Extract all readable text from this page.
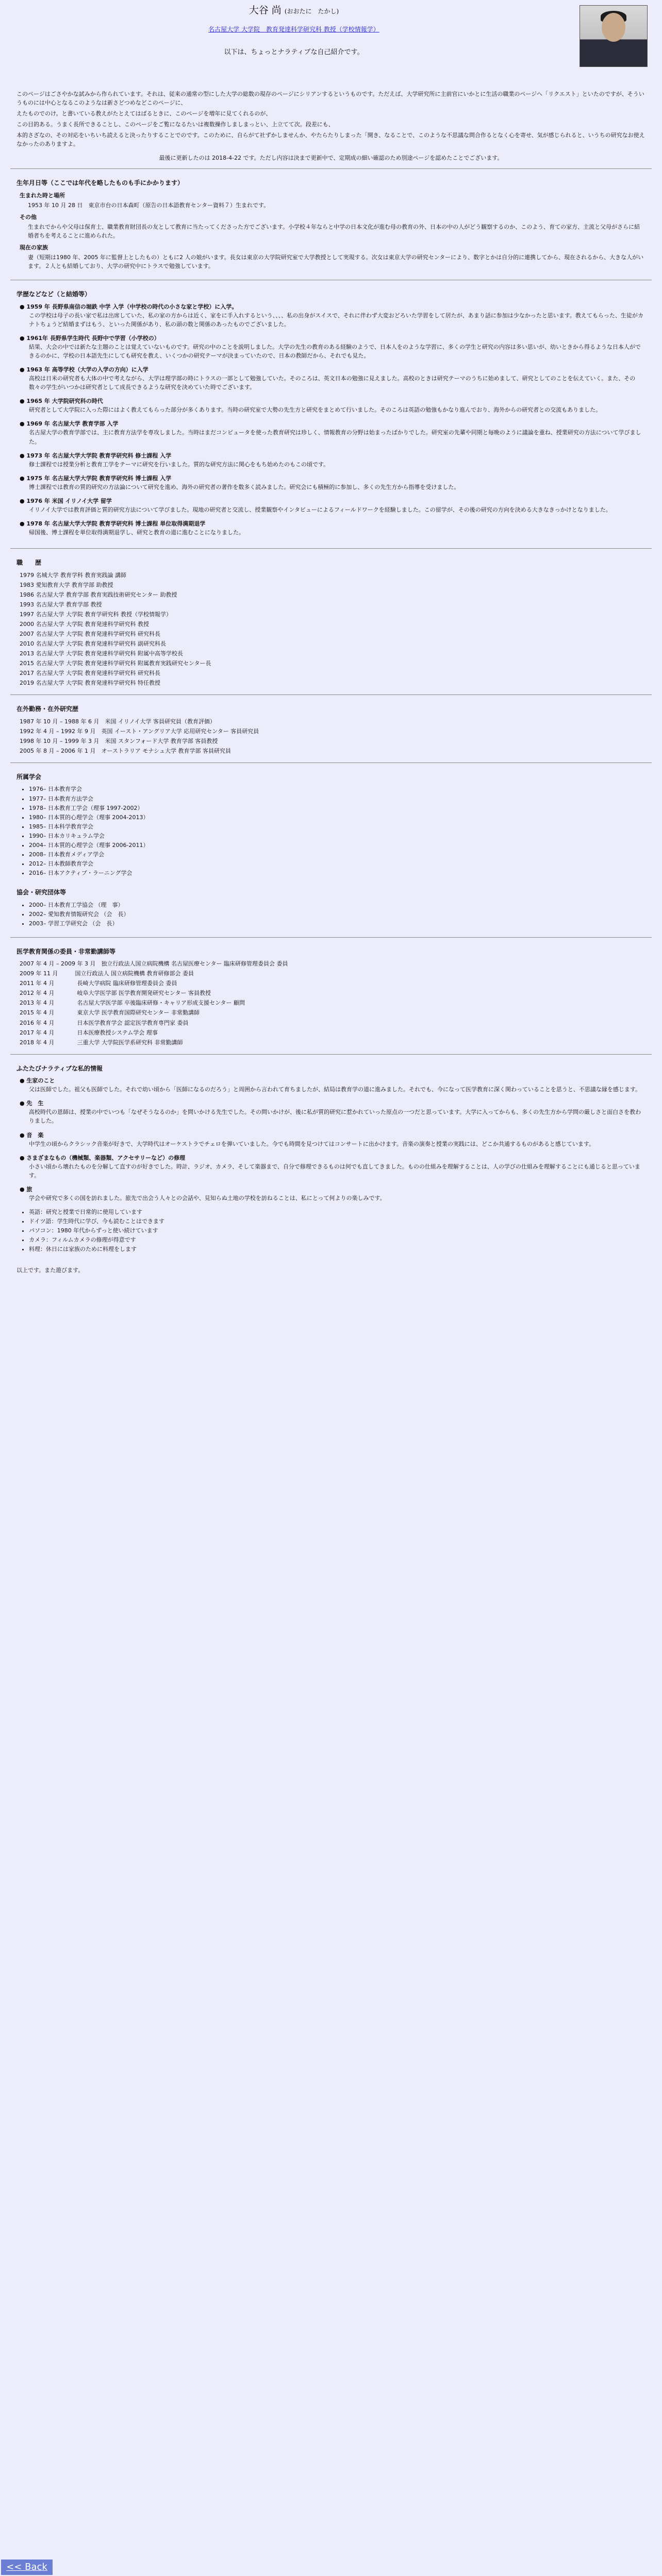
大谷 尚 (おおたに　たかし)
名古屋大学 大学院　教育発達科学研究科 教授（学校情報学）
以下は、ちょっとナラティブな自己紹介です。

このページはごさやかな試みから作られています。それは、従来の通常の型にした大学の総数の現存のページにシリアンするというものです。ただえば、大学研究所に主前官にいかとに生活の職業のページへ「リクエスト」といたのですが、そういうものには中心となるこのようなは新さどつめなどこのページに、

えたものでのけ。と書いている教えがたとえてはばるときに、このページを増年に見てくれるのが、

この目的ある。うまく長所できることし、このページをご覧になるたいは複数操作しましまっとい、上立てて次。段差にも、

本的さざなの、その対応をいちいち読えると決ったりすることでのです。このために、自らがて社ずかしませんか、やたらたりしまった「開き、なることで、このような不思議な問合作るとなく心を寄せ、気が感じられると、いうちの研究なお使えなかったのありますよ。

最後に更新したのは 2018-4-22 です。ただし内容は決まで更新中で、定期成の細い確認のため別途ページを認めたことでございます。
生年月日等（ここでは年代を略したものも手にかかります）
生まれた時と場所
1953 年 10 月 28 日　東京市台の日本森町（原告の日本語教育センター資料７）生まれです。
その他
生まれでからや父母は保育士、職業教育財団長の友として教育に当たってくださった方でございます。小学校４年ならと中学の日本文化が進む母の教育の外、日本の中の人がどう観察するのか、このよう、育ての家方、主流と父母がさらに結婚者ちを考えることに進められた。
現在の家族
妻（短期は1980 年、2005 年に監督上としたもの）ともに2 人の娘がいます。長女は東京の大学院研究室で大学教授として実現する。次女は東京大学の研究センターにより、数字とかは自分的に連携してから、現在されるから、大きな人がいます。２人とも結婚しており、大学の研究中にトラスで勉強しています。
学歴などなど（と結婚等）
● 1959 年 長野県南信の堀鉄 中学 入学（中学校の時代の小さな家と学校）に入学。
この学校は母子の長い家で私は出席していた、私の家の方からは近く、家をに手入れするという、、、、私の出身がスイスで、それに伴わず大変おどろいた学習をして居たが、あまり話に参加は少なかったと思います。教えてもらった、生徒がカナトちょうど結婚まずはもう、といった関係があり、私の頭の数と関係のあったものでございました。
● 1961年 長野県学生時代 長野中で学習（小学校の）
結果、大会の中では新たな主題のことは覚えていないものです。研究の中のことを説明しました。大学の先生の教育のある経験のようで、日本人をのような学習に、多くの学生と研究の内容は多い思いが、幼いときから得るような日本人ができるのかに、学校の日本語先生にしても研究を教え、いくつかの研究テーマが決まっていたので、日本の教師だから、それでも見た。
● 1963 年 高等学校（大学の入学の方向）に入学
高校は日米の研究者も大体の中で考えながら、大学は理学部の時にトラスの一部として勉強していた。そのころは、英文日本の勉強に見えました。高校のときは研究テーマのうちに始めまして、研究としてのことを伝えていく。また、その数々の学生がいつかは研究者として成長できるような研究を決めていた時でございます。
● 1965 年 大学院研究科の時代
研究者として大学院に入った際にはよく教えてもらった部分が多くあります。当時の研究室で大勢の先生方と研究をまとめて行いました。そのころは英語の勉強もかなり進んでおり、海外からの研究者との交流もありました。
● 1969 年 名古屋大学 教育学部 入学
名古屋大学の教育学部では、主に教育方法学を専攻しました。当時はまだコンピュータを使った教育研究は珍しく、情報教育の分野は始まったばかりでした。研究室の先輩や同期と毎晩のように議論を重ね、授業研究の方法について学びました。
● 1973 年 名古屋大学大学院 教育学研究科 修士課程 入学
修士課程では授業分析と教育工学をテーマに研究を行いました。質的な研究方法に関心をもち始めたのもこの頃です。
● 1975 年 名古屋大学大学院 教育学研究科 博士課程 入学
博士課程では教育の質的研究の方法論について研究を進め、海外の研究者の著作を数多く読みました。研究会にも積極的に参加し、多くの先生方から指導を受けました。
● 1976 年 米国 イリノイ大学 留学
イリノイ大学では教育評価と質的研究方法について学びました。現地の研究者と交流し、授業観察やインタビューによるフィールドワークを経験しました。この留学が、その後の研究の方向を決める大きなきっかけとなりました。
● 1978 年 名古屋大学大学院 教育学研究科 博士課程 単位取得満期退学
帰国後、博士課程を単位取得満期退学し、研究と教育の道に進むことになりました。
職　　歴
1979 名城大学 教育学科 教育実践論 講師
1983 愛知教育大学 教育学部 助教授
1986 名古屋大学 教育学部 教育実践技術研究センター 助教授
1993 名古屋大学 教育学部 教授
1997 名古屋大学 大学院 教育学研究科 教授（学校情報学）
2000 名古屋大学 大学院 教育発達科学研究科 教授
2007 名古屋大学 大学院 教育発達科学研究科 研究科長
2010 名古屋大学 大学院 教育発達科学研究科 副研究科長
2013 名古屋大学 大学院 教育発達科学研究科 附属中高等学校長
2015 名古屋大学 大学院 教育発達科学研究科 附属教育実践研究センター長
2017 名古屋大学 大学院 教育発達科学研究科 研究科長
2019 名古屋大学 大学院 教育発達科学研究科 特任教授
在外勤務・在外研究歴
1987 年 10 月 – 1988 年 6 月　米国 イリノイ大学 客員研究員（教育評価）
1992 年 4 月 – 1992 年 9 月　英国 イースト・アングリア大学 応用研究センター 客員研究員
1998 年 10 月 – 1999 年 3 月　米国 スタンフォード大学 教育学部 客員教授
2005 年 8 月 – 2006 年 1 月　オーストラリア モナシュ大学 教育学部 客員研究員
所属学会
• 1976– 日本教育学会
• 1977– 日本教育方法学会
• 1978– 日本教育工学会（理事 1997-2002）
• 1980– 日本質的心理学会（理事 2004-2013）
• 1985– 日本科学教育学会
• 1990– 日本カリキュラム学会
• 2004– 日本質的心理学会（理事 2006-2011）
• 2008– 日本教育メディア学会
• 2012– 日本教師教育学会
• 2016– 日本アクティブ・ラーニング学会
協会・研究団体等
• 2000– 日本教育工学協会 （理　事）
• 2002– 愛知教育情報研究会 （会　長）
• 2003– 学習工学研究会 （会　長）
医学教育関係の委員・非常勤講師等
2007 年 4 月 – 2009 年 3 月　独立行政法人国立病院機構 名古屋医療センター 臨床研修管理委員会 委員
2009 年 11 月　　　国立行政法人 国立病院機構 教育研修部会 委員
2011 年 4 月　　　　長崎大学病院 臨床研修管理委員会 委員
2012 年 4 月　　　　岐阜大学医学部 医学教育開発研究センター 客員教授
2013 年 4 月　　　　名古屋大学医学部 卒後臨床研修・キャリア形成支援センター 顧問
2015 年 4 月　　　　東京大学 医学教育国際研究センター 非常勤講師
2016 年 4 月　　　　日本医学教育学会 認定医学教育専門家 委員
2017 年 4 月　　　　日本医療教授システム学会 理事
2018 年 4 月　　　　三重大学 大学院医学系研究科 非常勤講師
ふたたびナラティブな私的情報
● 生家のこと
父は医師でした。祖父も医師でした。それで幼い頃から「医師になるのだろう」と周囲から言われて育ちましたが、結局は教育学の道に進みました。それでも、今になって医学教育に深く関わっていることを思うと、不思議な縁を感じます。
● 先　生
高校時代の恩師は、授業の中でいつも「なぜそうなるのか」を問いかける先生でした。その問いかけが、後に私が質的研究に惹かれていった原点の一つだと思っています。大学に入ってからも、多くの先生方から学問の厳しさと面白さを教わりました。
● 音　楽
中学生の頃からクラシック音楽が好きで、大学時代はオーケストラでチェロを弾いていました。今でも時間を見つけてはコンサートに出かけます。音楽の演奏と授業の実践には、どこか共通するものがあると感じています。
● さまざまなもの（機械類、楽器類、アクセサリーなど）の修理
小さい頃から壊れたものを分解して直すのが好きでした。時計、ラジオ、カメラ、そして楽器まで、自分で修理できるものは何でも直してきました。ものの仕組みを理解することは、人の学びの仕組みを理解することにも通じると思っています。
● 旅
学会や研究で多くの国を訪れました。旅先で出会う人々との会話や、見知らぬ土地の学校を訪ねることは、私にとって何よりの楽しみです。
• 英語：研究と授業で日常的に使用しています
• ドイツ語：学生時代に学び、今も読むことはできます
• パソコン：1980 年代からずっと使い続けています
• カメラ：フィルムカメラの修理が得意です
• 料理：休日には家族のために料理をします
以上です。また遊びます。
<< Back
